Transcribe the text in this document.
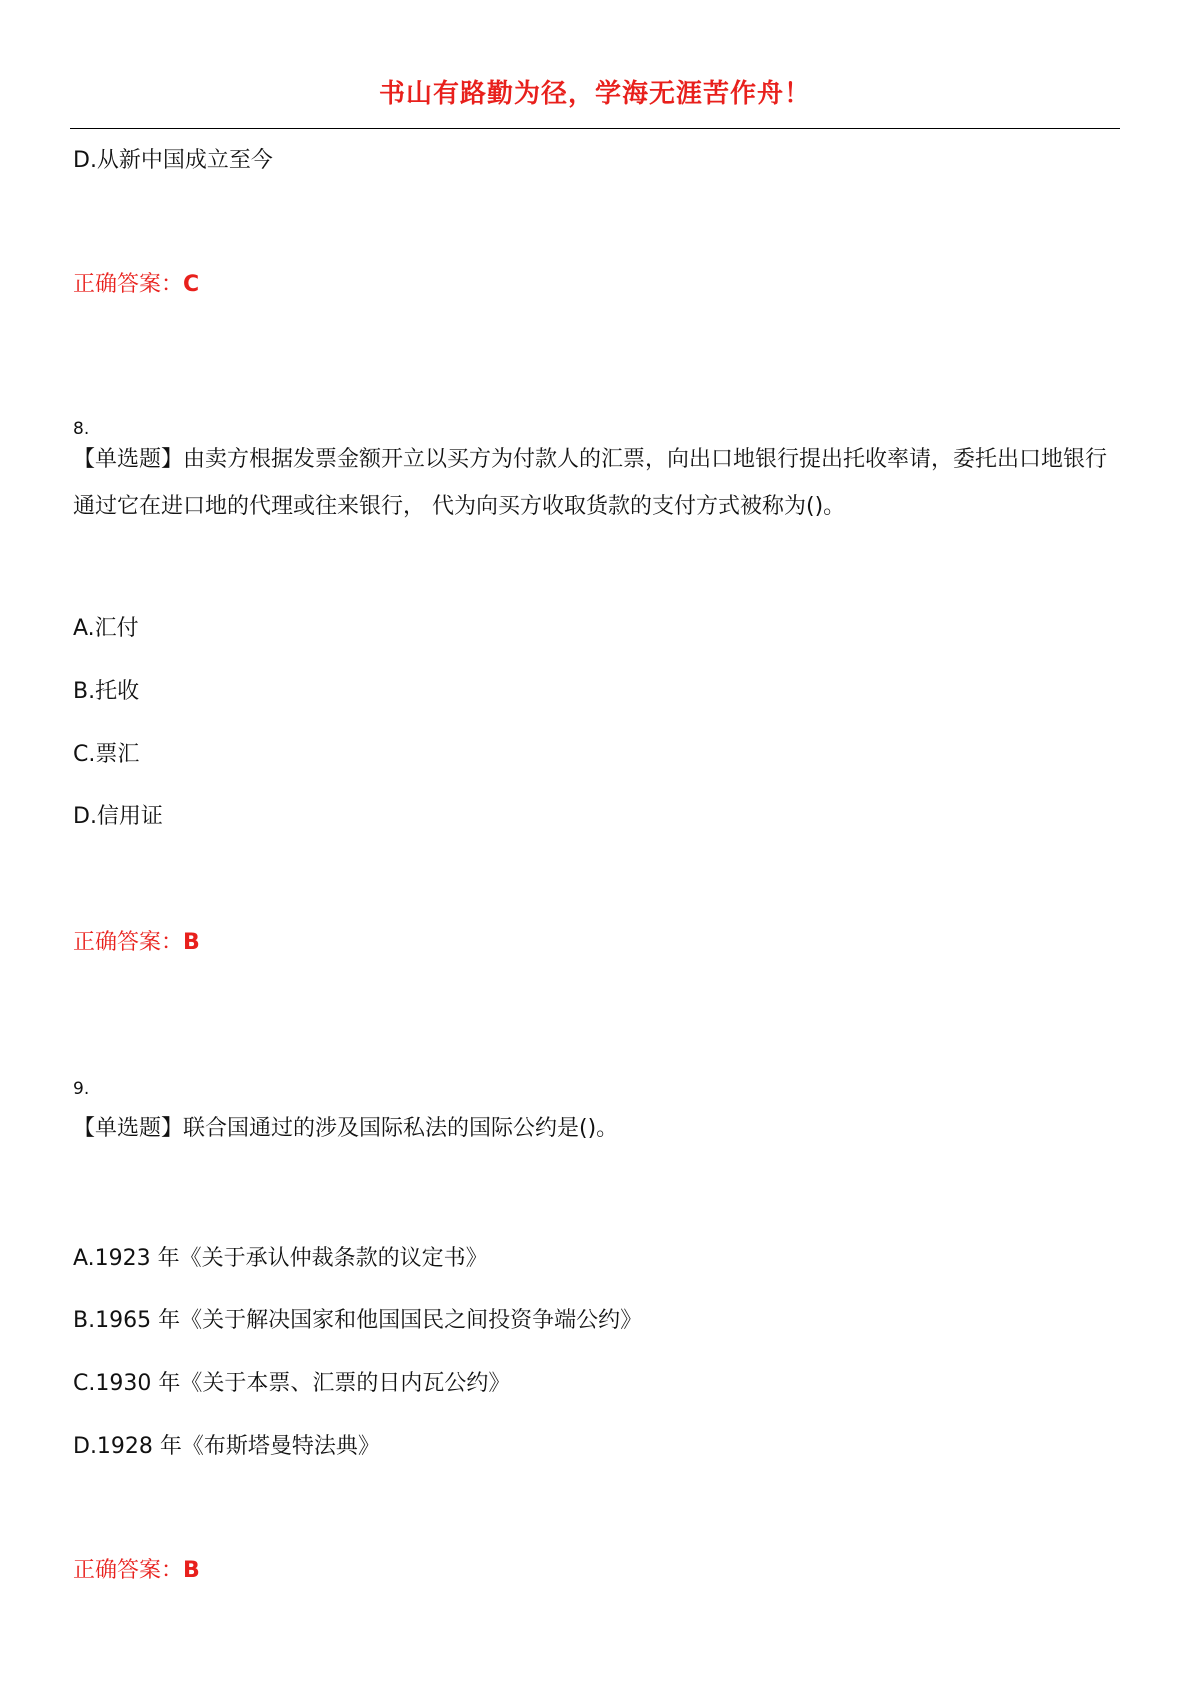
书山有路勤为径，学海无涯苦作舟！
D.从新中国成立至今
正确答案：C
8.
【单选题】由卖方根据发票金额开立以买方为付款人的汇票，向出口地银行提出托收率请，委托出口地银行通过它在进口地的代理或往来银行， 代为向买方收取货款的支付方式被称为()。
A.汇付
B.托收
C.票汇
D.信用证
正确答案：B
9.
【单选题】联合国通过的涉及国际私法的国际公约是()。
A.1923 年《关于承认仲裁条款的议定书》
B.1965 年《关于解决国家和他国国民之间投资争端公约》
C.1930 年《关于本票、汇票的日内瓦公约》
D.1928 年《布斯塔曼特法典》
正确答案：B
